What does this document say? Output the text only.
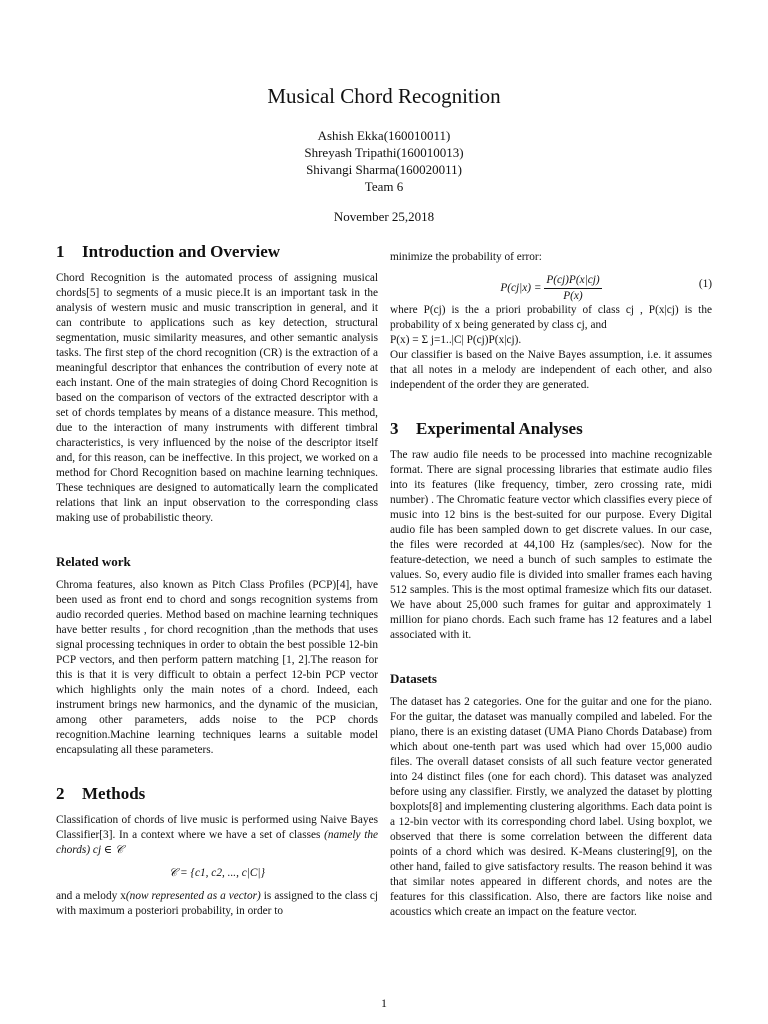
Musical Chord Recognition
Ashish Ekka(160010011)
Shreyash Tripathi(160010013)
Shivangi Sharma(160020011)
Team 6
November 25,2018
1 Introduction and Overview

Chord Recognition is the automated process of assigning musical chords[5] to segments of a music piece.It is an important task in the analysis of western music and music transcription in general, and it can contribute to applications such as key detection, structural segmentation, music similarity measures, and other semantic analysis tasks. The first step of the chord recognition (CR) is the extraction of a meaningful descriptor that enhances the contribution of every note at each instant. One of the main strategies of doing Chord Recognition is based on the comparison of vectors of the extracted descriptor with a set of chords templates by means of a distance measure. This method, due to the interaction of many instruments with different timbral characteristics, is very influenced by the noise of the descriptor itself and, for this reason, can be ineffective. In this project, we worked on a method for Chord Recognition based on machine learning techniques. These techniques are designed to automatically learn the complicated relations that link an input observation to the corresponding class making use of probabilistic theory.

Related work

Chroma features, also known as Pitch Class Profiles (PCP)[4], have been used as front end to chord and songs recognition systems from audio recorded queries. Method based on machine learning techniques have better results , for chord recognition ,than the methods that uses signal processing techniques in order to obtain the best possible 12-bin PCP vectors, and then perform pattern matching [1, 2].The reason for this is that it is very difficult to obtain a perfect 12-bin PCP vector which highlights only the main notes of a chord. Indeed, each instrument brings new harmonics, and the dynamic of the musician, among other parameters, adds noise to the PCP chords recognition.Machine learning techniques learns a suitable model encapsulating all these parameters.

2 Methods

Classification of chords of live music is performed using Naive Bayes Classifier[3]. In a context where we have a set of classes (namely the chords) cj ∈ 𝒞

𝒞 = {c1, c2, ..., c|C|}

and a melody x(now represented as a vector) is assigned to the class cj with maximum a posteriori probability, in order to

minimize the probability of error:

$P(cj|x) = \frac{P(cj)P(x|cj)}{P(x)}$	(1)

where P(cj) is the a priori probability of class cj , P(x|cj) is the probability of x being generated by class cj, and

P(x) = Σ j=1..|C| P(cj)P(x|cj).

Our classifier is based on the Naive Bayes assumption, i.e. it assumes that all notes in a melody are independent of each other, and also independent of the order they are generated.

3 Experimental Analyses

The raw audio file needs to be processed into machine recognizable format. There are signal processing libraries that estimate audio files into its features (like frequency, timber, zero crossing rate, midi number) . The Chromatic feature vector which classifies every piece of music into 12 bins is the best-suited for our purpose. Every Digital audio file has been sampled down to get discrete values. In our case, the files were recorded at 44,100 Hz (samples/sec). Now for the feature-detection, we need a bunch of such samples to estimate the values. So, every audio file is divided into smaller frames each having 512 samples. This is the most optimal framesize which fits our dataset. We have about 25,000 such frames for guitar and approximately 1 million for piano chords. Each such frame has 12 features and a label associated with it.

Datasets

The dataset has 2 categories. One for the guitar and one for the piano. For the guitar, the dataset was manually compiled and labeled. For the piano, there is an existing dataset (UMA Piano Chords Database) from which about one-tenth part was used which had over 15,000 audio files. The overall dataset consists of all such feature vector generated into 24 distinct files (one for each chord). This dataset was analyzed before using any classifier. Firstly, we analyzed the dataset by plotting boxplots[8] and implementing clustering algorithms. Each data point is a 12-bin vector with its corresponding chord label. Using boxplot, we observed that there is some correlation between the different data points of a chord which was desired. K-Means clustering[9], on the other hand, failed to give satisfactory results. The reason behind it was that similar notes appeared in different chords, and notes are the features for this classification. Also, there are factors like noise and acoustics which create an impact on the feature vector.

1
